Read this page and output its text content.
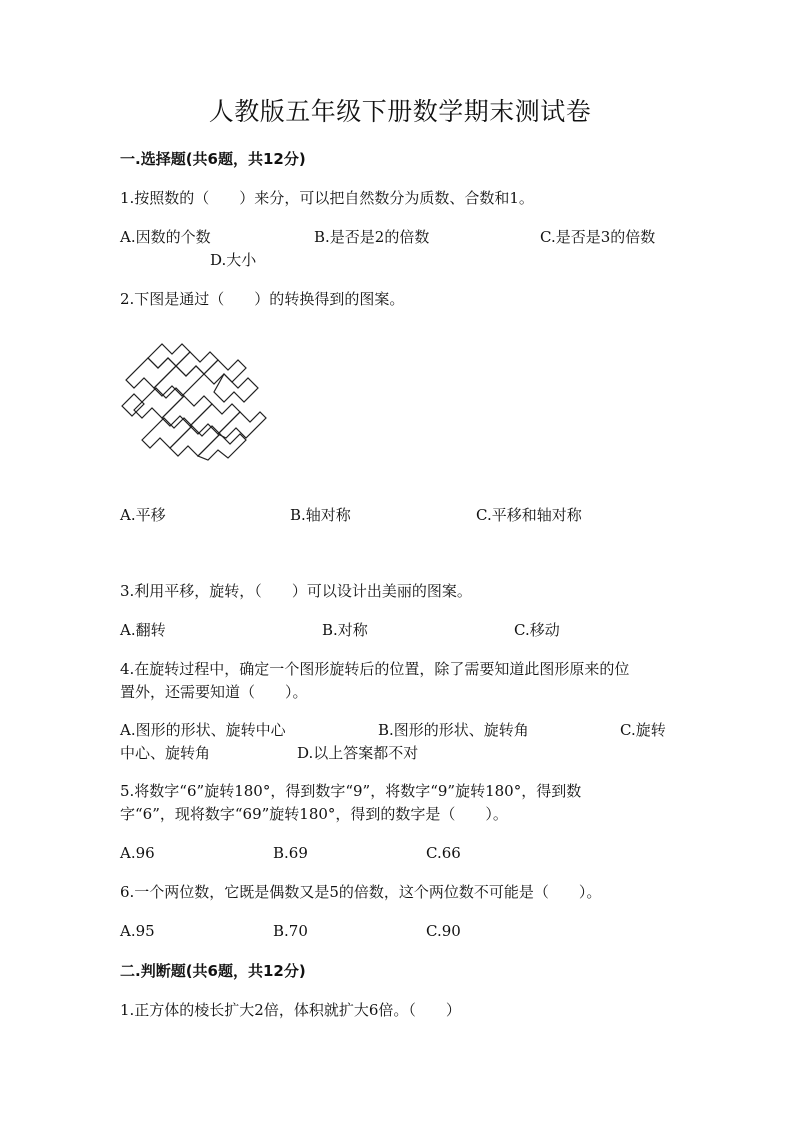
人教版五年级下册数学期末测试卷
一.选择题(共6题，共12分)
1.按照数的（　　）来分，可以把自然数分为质数、合数和1。
A.因数的个数	B.是否是2的倍数	C.是否是3的倍数
D.大小
2.下图是通过（　　）的转换得到的图案。
A.平移	B.轴对称	C.平移和轴对称
3.利用平移，旋转，（　　）可以设计出美丽的图案。
A.翻转	B.对称	C.移动
4.在旋转过程中，确定一个图形旋转后的位置，除了需要知道此图形原来的位
置外，还需要知道（　　）。
A.图形的形状、旋转中心	B.图形的形状、旋转角	C.旋转
中心、旋转角	D.以上答案都不对
5.将数字“6”旋转180°，得到数字“9”，将数字“9”旋转180°，得到数
字“6”，现将数字“69”旋转180°，得到的数字是（　　）。
A.96	B.69	C.66
6.一个两位数，它既是偶数又是5的倍数，这个两位数不可能是（　　）。
A.95	B.70	C.90
二.判断题(共6题，共12分)
1.正方体的棱长扩大2倍，体积就扩大6倍。（　　）
